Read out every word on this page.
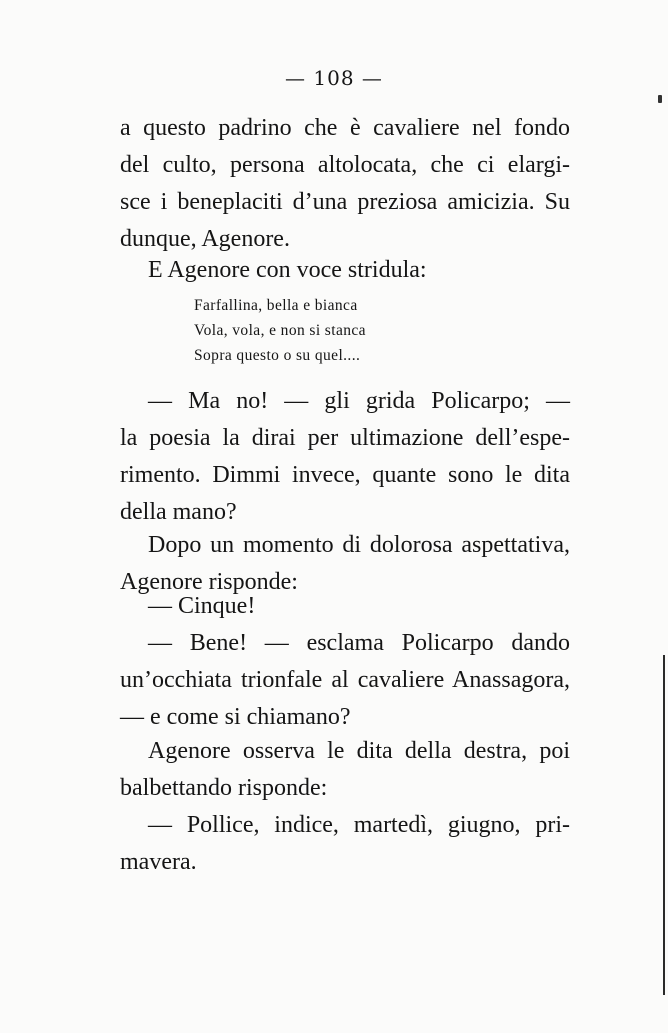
— 108 —
a questo padrino che è cavaliere nel fondo
del culto, persona altolocata, che ci elargi-
sce i beneplaciti d’una preziosa amicizia. Su
dunque, Agenore.
E Agenore con voce stridula:
Farfallina, bella e bianca
Vola, vola, e non si stanca
Sopra questo o su quel....
— Ma no! — gli grida Policarpo; —
la poesia la dirai per ultimazione dell’espe-
rimento. Dimmi invece, quante sono le dita
della mano?
Dopo un momento di dolorosa aspettativa,
Agenore risponde:
— Cinque!
— Bene! — esclama Policarpo dando
un’occhiata trionfale al cavaliere Anassagora,
— e come si chiamano?
Agenore osserva le dita della destra, poi
balbettando risponde:
— Pollice, indice, martedì, giugno, pri-
mavera.
